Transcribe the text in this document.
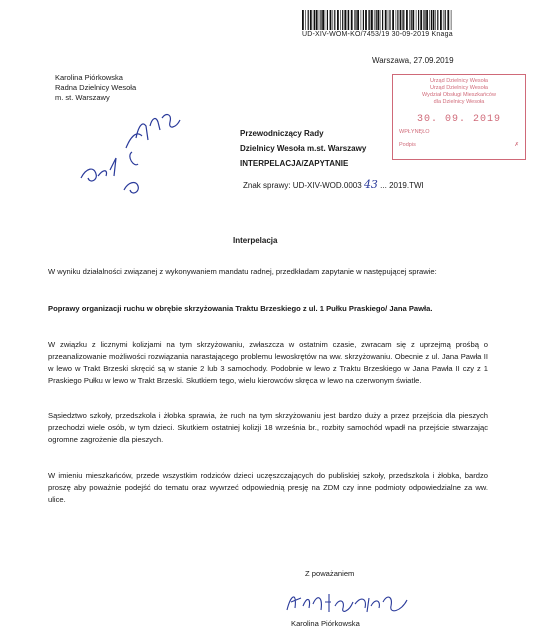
UD-XIV-WOM-KO/7453/19 30-09-2019 Knaga
Warszawa, 27.09.2019
Karolina Piórkowska
Radna Dzielnicy Wesoła
m. st. Warszawy
Urząd Dzielnicy Wesoła
Urząd Dzielnicy Wesoła
Wydział Obsługi Mieszkańców
dla Dzielnicy Wesoła
30. 09. 2019
WPŁYNĘŁO
Podpis	✗
Przewodniczący Rady
Dzielnicy Wesoła m.st. Warszawy
INTERPELACJA/ZAPYTANIE
Znak sprawy: UD-XIV-WOD.0003 43 ... 2019.TWI
Interpelacja

W wyniku działalności związanej z wykonywaniem mandatu radnej, przedkładam zapytanie w następującej sprawie:

Poprawy organizacji ruchu w obrębie skrzyżowania Traktu Brzeskiego z ul. 1 Pułku Praskiego/ Jana Pawła.

W związku z licznymi kolizjami na tym skrzyżowaniu, zwłaszcza w ostatnim czasie, zwracam się z uprzejmą prośbą o przeanalizowanie możliwości rozwiązania narastającego problemu lewoskrętów na ww. skrzyżowaniu. Obecnie z ul. Jana Pawła II w lewo w Trakt Brzeski skręcić są w stanie 2 lub 3 samochody. Podobnie w lewo z Traktu Brzeskiego w Jana Pawła II czy z 1 Praskiego Pułku w lewo w Trakt Brzeski. Skutkiem tego, wielu kierowców skręca w lewo na czerwonym światle.

Sąsiedztwo szkoły, przedszkola i żłobka sprawia, że ruch na tym skrzyżowaniu jest bardzo duży a przez przejścia dla pieszych przechodzi wiele osób, w tym dzieci. Skutkiem ostatniej kolizji 18 września br., rozbity samochód wpadł na przejście stwarzając ogromne zagrożenie dla pieszych.

W imieniu mieszkańców, przede wszystkim rodziców dzieci uczęszczających do publiskiej szkoły, przedszkola i żłobka, bardzo proszę aby poważnie podejść do tematu oraz wywrzeć odpowiednią presję na ZDM czy inne podmioty odpowiedzialne za ww. ulice.

Z poważaniem
Karolina Piórkowska
